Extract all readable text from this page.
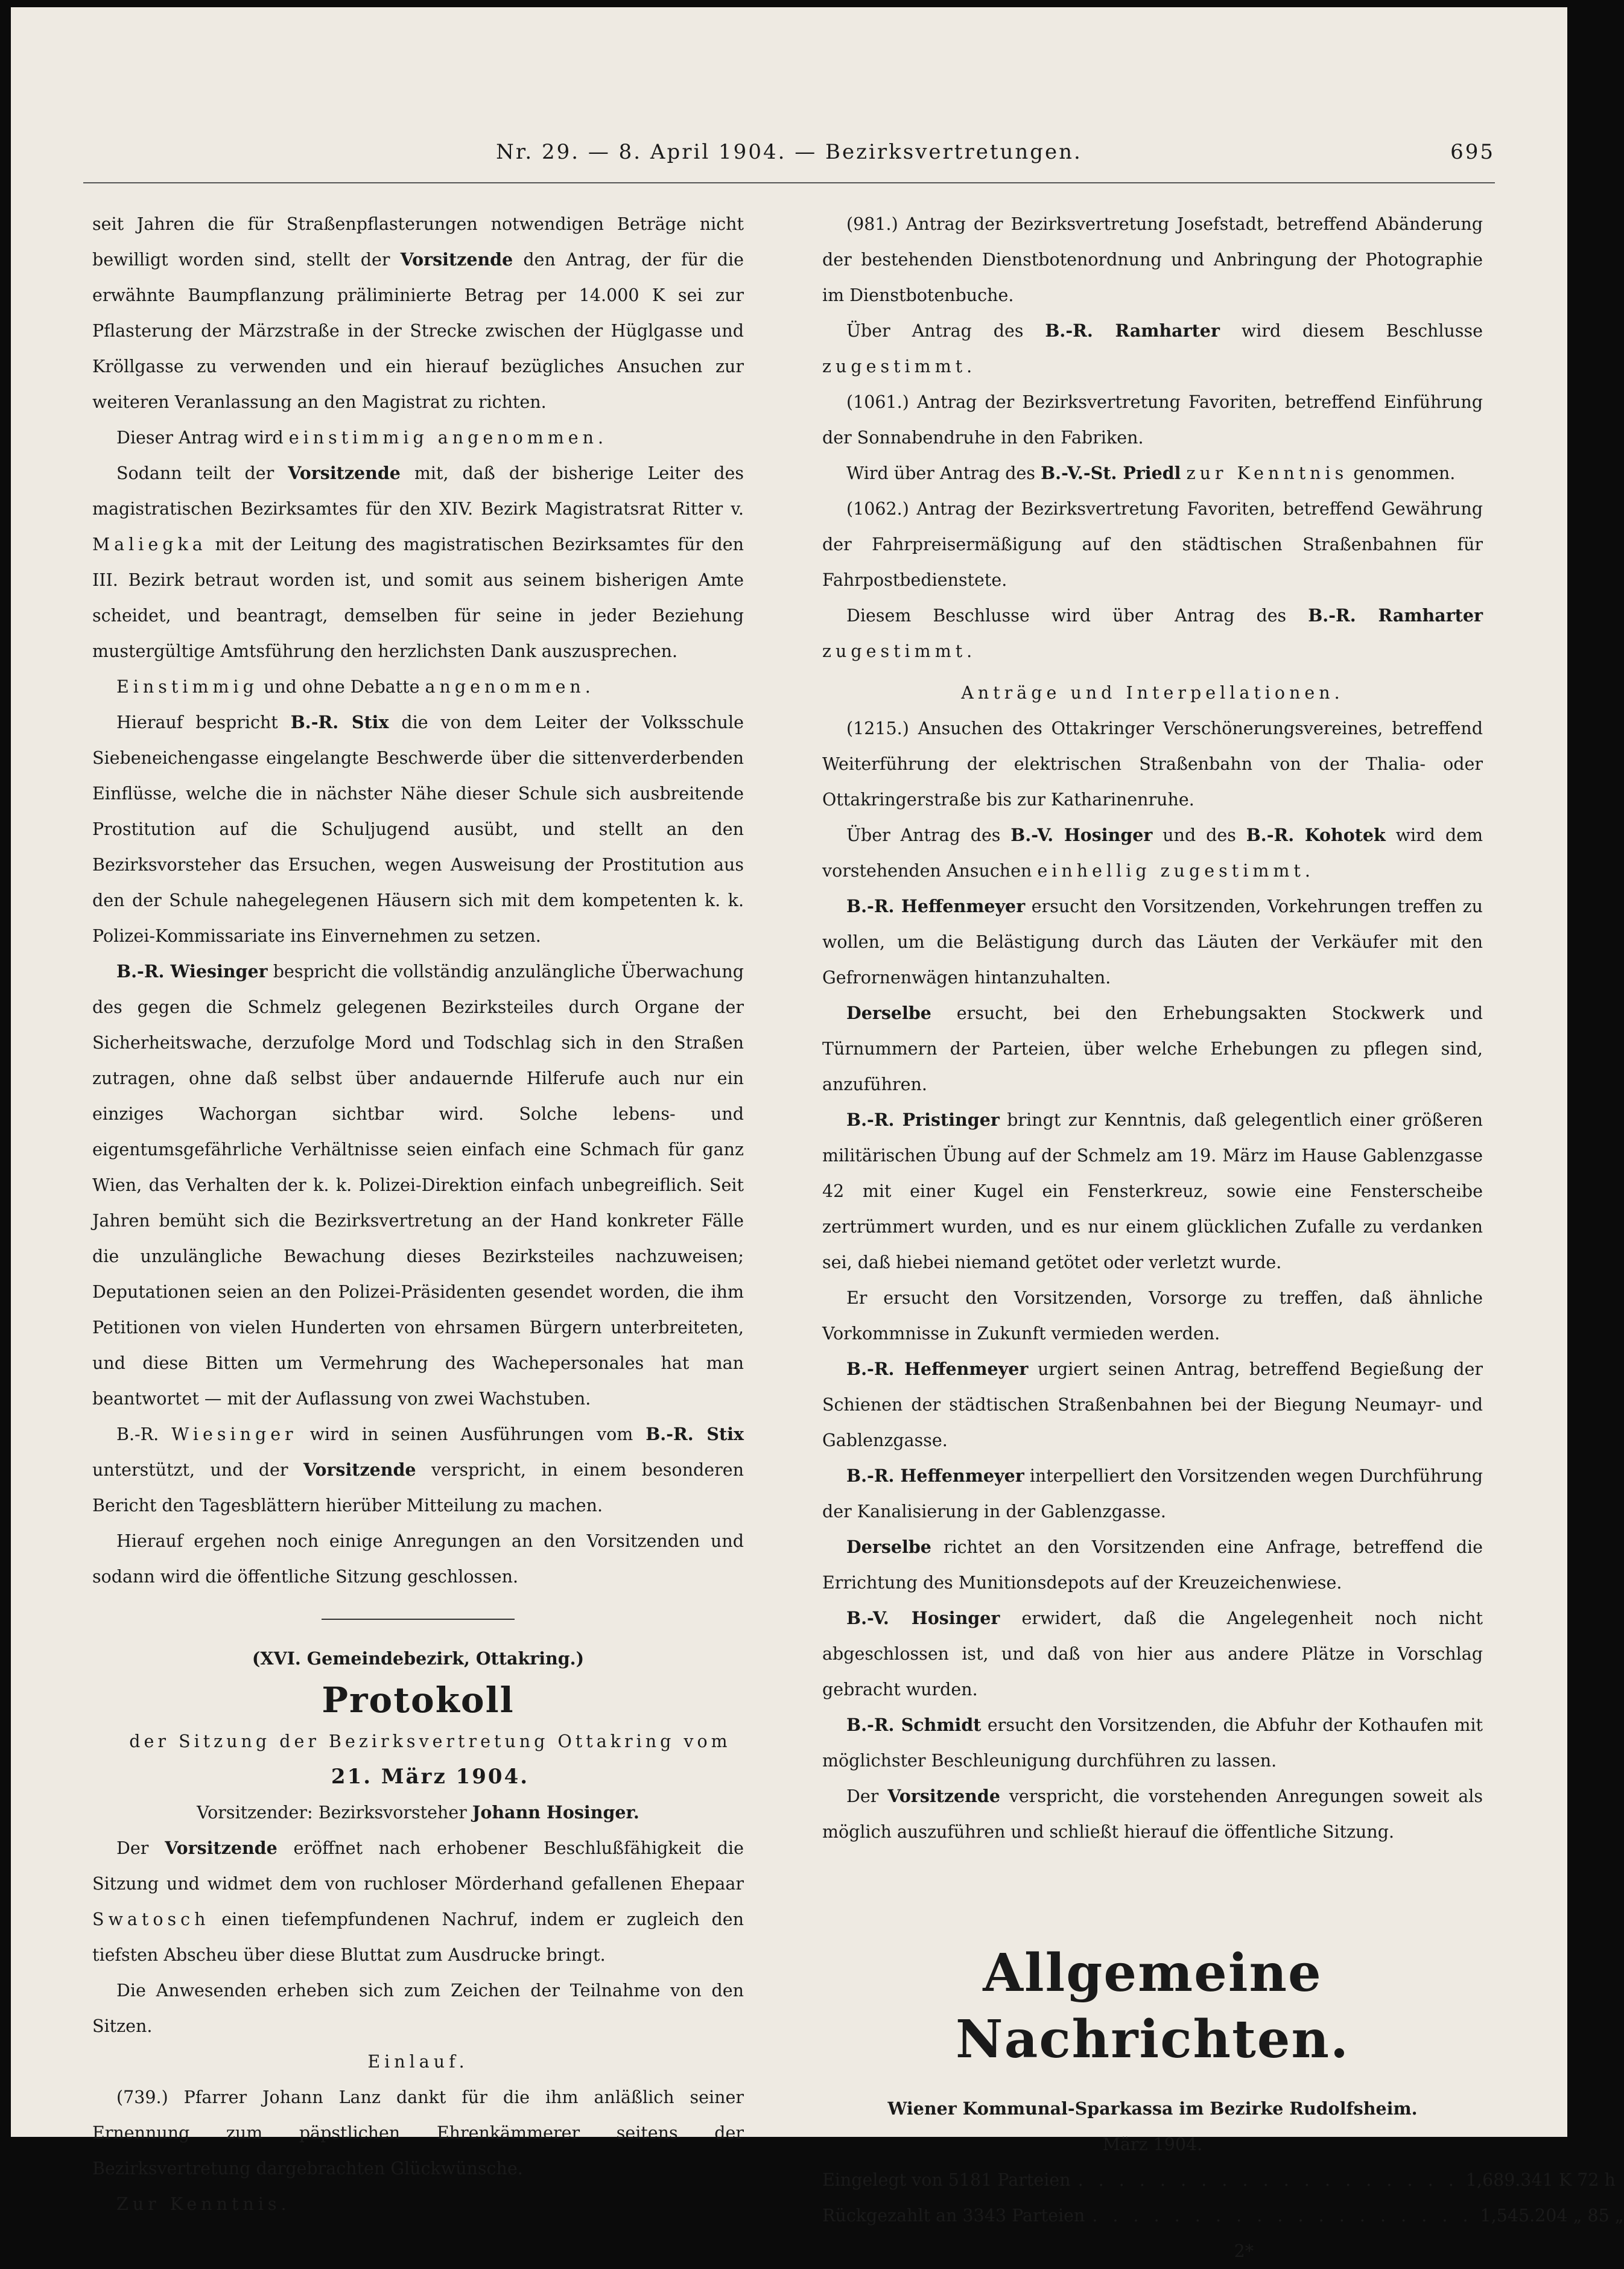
Nr. 29. — 8. April 1904. — Bezirksvertretungen.	695

seit Jahren die für Straßenpflasterungen notwendigen Beträge nicht bewilligt worden sind, stellt der Vorsitzende den Antrag, der für die erwähnte Baumpflanzung präliminierte Betrag per 14.000 K sei zur Pflasterung der Märzstraße in der Strecke zwischen der Hüglgasse und Kröllgasse zu verwenden und ein hierauf bezügliches Ansuchen zur weiteren Veranlassung an den Magistrat zu richten.

Dieser Antrag wird einstimmig angenommen.

Sodann teilt der Vorsitzende mit, daß der bisherige Leiter des magistratischen Bezirksamtes für den XIV. Bezirk Magistratsrat Ritter v. Maliegka mit der Leitung des magistratischen Bezirksamtes für den III. Bezirk betraut worden ist, und somit aus seinem bisherigen Amte scheidet, und beantragt, demselben für seine in jeder Beziehung mustergültige Amtsführung den herzlichsten Dank auszusprechen.

Einstimmig und ohne Debatte angenommen.

Hierauf bespricht B.-R. Stix die von dem Leiter der Volksschule Siebeneichengasse eingelangte Beschwerde über die sittenverderbenden Einflüsse, welche die in nächster Nähe dieser Schule sich ausbreitende Prostitution auf die Schuljugend ausübt, und stellt an den Bezirksvorsteher das Ersuchen, wegen Ausweisung der Prostitution aus den der Schule nahegelegenen Häusern sich mit dem kompetenten k. k. Polizei-Kommissariate ins Einvernehmen zu setzen.

B.-R. Wiesinger bespricht die vollständig anzulängliche Überwachung des gegen die Schmelz gelegenen Bezirksteiles durch Organe der Sicherheitswache, derzufolge Mord und Todschlag sich in den Straßen zutragen, ohne daß selbst über andauernde Hilferufe auch nur ein einziges Wachorgan sichtbar wird. Solche lebens- und eigentumsgefährliche Verhältnisse seien einfach eine Schmach für ganz Wien, das Verhalten der k. k. Polizei-Direktion einfach unbegreiflich. Seit Jahren bemüht sich die Bezirksvertretung an der Hand konkreter Fälle die unzulängliche Bewachung dieses Bezirksteiles nachzuweisen; Deputationen seien an den Polizei-Präsidenten gesendet worden, die ihm Petitionen von vielen Hunderten von ehrsamen Bürgern unterbreiteten, und diese Bitten um Vermehrung des Wachepersonales hat man beantwortet — mit der Auflassung von zwei Wachstuben.

B.-R. Wiesinger wird in seinen Ausführungen vom B.-R. Stix unterstützt, und der Vorsitzende verspricht, in einem besonderen Bericht den Tagesblättern hierüber Mitteilung zu machen.

Hierauf ergehen noch einige Anregungen an den Vorsitzenden und sodann wird die öffentliche Sitzung geschlossen.

(XVI. Gemeindebezirk, Ottakring.)

Protokoll

der Sitzung der Bezirksvertretung Ottakring vom

21. März 1904.

Vorsitzender: Bezirksvorsteher Johann Hosinger.

Der Vorsitzende eröffnet nach erhobener Beschlußfähigkeit die Sitzung und widmet dem von ruchloser Mörderhand gefallenen Ehepaar Swatosch einen tiefempfundenen Nachruf, indem er zugleich den tiefsten Abscheu über diese Bluttat zum Ausdrucke bringt.

Die Anwesenden erheben sich zum Zeichen der Teilnahme von den Sitzen.

Einlauf.

(739.) Pfarrer Johann Lanz dankt für die ihm anläßlich seiner Ernennung zum päpstlichen Ehrenkämmerer seitens der Bezirksvertretung dargebrachten Glückwünsche.

Zur Kenntnis.

(981.) Antrag der Bezirksvertretung Josefstadt, betreffend Abänderung der bestehenden Dienstbotenordnung und Anbringung der Photographie im Dienstbotenbuche.

Über Antrag des B.-R. Ramharter wird diesem Beschlusse zugestimmt.

(1061.) Antrag der Bezirksvertretung Favoriten, betreffend Einführung der Sonnabendruhe in den Fabriken.

Wird über Antrag des B.-V.-St. Priedl zur Kenntnis genommen.

(1062.) Antrag der Bezirksvertretung Favoriten, betreffend Gewährung der Fahrpreisermäßigung auf den städtischen Straßenbahnen für Fahrpostbedienstete.

Diesem Beschlusse wird über Antrag des B.-R. Ramharter zugestimmt.

Anträge und Interpellationen.

(1215.) Ansuchen des Ottakringer Verschönerungsvereines, betreffend Weiterführung der elektrischen Straßenbahn von der Thalia- oder Ottakringerstraße bis zur Katharinenruhe.

Über Antrag des B.-V. Hosinger und des B.-R. Kohotek wird dem vorstehenden Ansuchen einhellig zugestimmt.

B.-R. Heffenmeyer ersucht den Vorsitzenden, Vorkehrungen treffen zu wollen, um die Belästigung durch das Läuten der Verkäufer mit den Gefrornenwägen hintanzuhalten.

Derselbe ersucht, bei den Erhebungsakten Stockwerk und Türnummern der Parteien, über welche Erhebungen zu pflegen sind, anzuführen.

B.-R. Pristinger bringt zur Kenntnis, daß gelegentlich einer größeren militärischen Übung auf der Schmelz am 19. März im Hause Gablenzgasse 42 mit einer Kugel ein Fensterkreuz, sowie eine Fensterscheibe zertrümmert wurden, und es nur einem glücklichen Zufalle zu verdanken sei, daß hiebei niemand getötet oder verletzt wurde.

Er ersucht den Vorsitzenden, Vorsorge zu treffen, daß ähnliche Vorkommnisse in Zukunft vermieden werden.

B.-R. Heffenmeyer urgiert seinen Antrag, betreffend Begießung der Schienen der städtischen Straßenbahnen bei der Biegung Neumayr- und Gablenzgasse.

B.-R. Heffenmeyer interpelliert den Vorsitzenden wegen Durchführung der Kanalisierung in der Gablenzgasse.

Derselbe richtet an den Vorsitzenden eine Anfrage, betreffend die Errichtung des Munitionsdepots auf der Kreuzeichenwiese.

B.-V. Hosinger erwidert, daß die Angelegenheit noch nicht abgeschlossen ist, und daß von hier aus andere Plätze in Vorschlag gebracht wurden.

B.-R. Schmidt ersucht den Vorsitzenden, die Abfuhr der Kothaufen mit möglichster Beschleunigung durchführen zu lassen.

Der Vorsitzende verspricht, die vorstehenden Anregungen soweit als möglich auszuführen und schließt hierauf die öffentliche Sitzung.

Allgemeine Nachrichten.

Wiener Kommunal-Sparkassa im Bezirke Rudolfsheim.

März 1904.

Eingelegt von 5181 Parteien . . . . . . . . . . . . . . . . . . . 1,689.341 K 72 h
Rückgezahlt an 3343 Parteien . . . . . . . . . . . . . . . . . . . 1,545.204 „ 85 „

2*
